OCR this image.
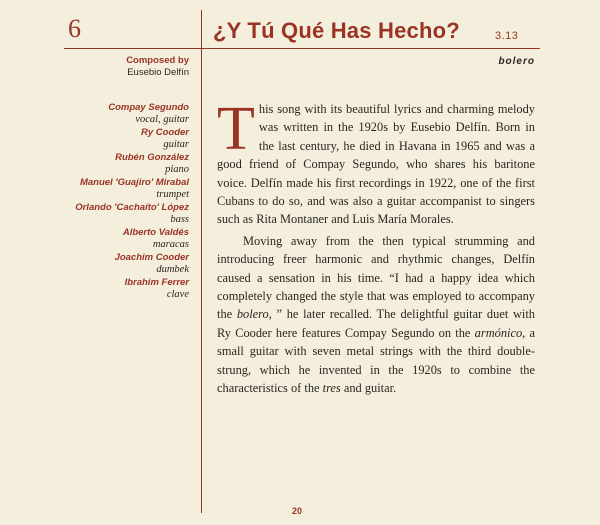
6	¿Y Tú Qué Has Hecho?	3.13
bolero
Composed by
Eusebio Delfín
Compay Segundo
vocal, guitar
Ry Cooder
guitar
Rubén González
piano
Manuel 'Guajiro' Mirabal
trumpet
Orlando 'Cachaíto' López
bass
Alberto Valdés
maracas
Joachim Cooder
dumbek
Ibrahim Ferrer
clave

This song with its beautiful lyrics and charming melody was written in the 1920s by Eusebio Delfín. Born in the last century, he died in Havana in 1965 and was a good friend of Compay Segundo, who shares his baritone voice. Delfín made his first recordings in 1922, one of the first Cubans to do so, and was also a guitar accompanist to singers such as Rita Montaner and Luis María Morales.

Moving away from the then typical strumming and introducing freer harmonic and rhythmic changes, Delfín caused a sensation in his time. “I had a happy idea which completely changed the style that was employed to accompany the bolero, ” he later recalled. The delightful guitar duet with Ry Cooder here features Compay Segundo on the armónico, a small guitar with seven metal strings with the third double-strung, which he invented in the 1920s to combine the characteristics of the tres and guitar.

20
